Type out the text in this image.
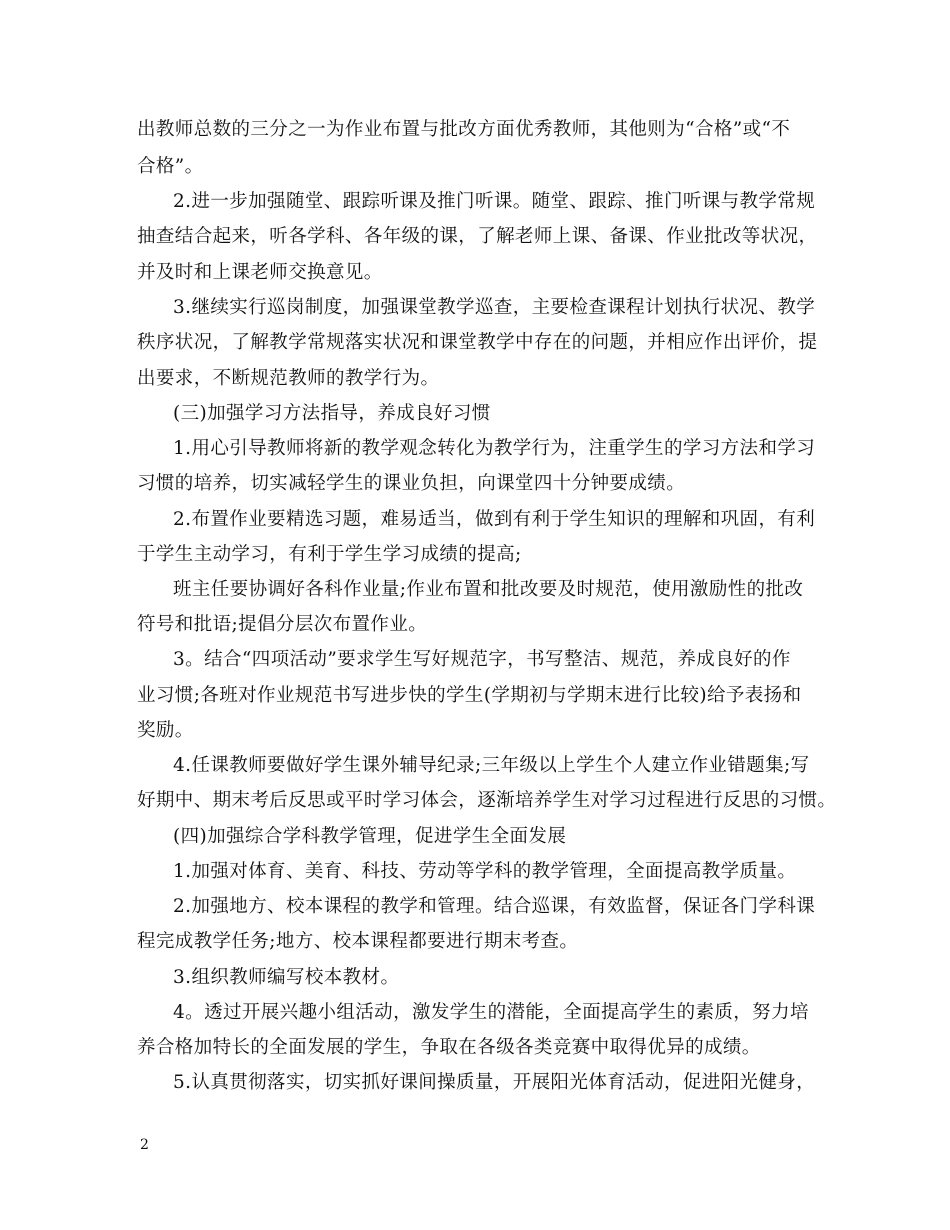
出教师总数的三分之一为作业布置与批改方面优秀教师，其他则为“合格”或“不
合格”。
2.进一步加强随堂、跟踪听课及推门听课。随堂、跟踪、推门听课与教学常规
抽查结合起来，听各学科、各年级的课，了解老师上课、备课、作业批改等状况，
并及时和上课老师交换意见。
3.继续实行巡岗制度，加强课堂教学巡查，主要检查课程计划执行状况、教学
秩序状况，了解教学常规落实状况和课堂教学中存在的问题，并相应作出评价，提
出要求，不断规范教师的教学行为。
(三)加强学习方法指导，养成良好习惯
1.用心引导教师将新的教学观念转化为教学行为，注重学生的学习方法和学习
习惯的培养，切实减轻学生的课业负担，向课堂四十分钟要成绩。
2.布置作业要精选习题，难易适当，做到有利于学生知识的理解和巩固，有利
于学生主动学习，有利于学生学习成绩的提高;
班主任要协调好各科作业量;作业布置和批改要及时规范，使用激励性的批改
符号和批语;提倡分层次布置作业。
3。结合“四项活动”要求学生写好规范字，书写整洁、规范，养成良好的作
业习惯;各班对作业规范书写进步快的学生(学期初与学期末进行比较)给予表扬和
奖励。
4.任课教师要做好学生课外辅导纪录;三年级以上学生个人建立作业错题集;写
好期中、期末考后反思或平时学习体会，逐渐培养学生对学习过程进行反思的习惯。
(四)加强综合学科教学管理，促进学生全面发展
1.加强对体育、美育、科技、劳动等学科的教学管理，全面提高教学质量。
2.加强地方、校本课程的教学和管理。结合巡课，有效监督，保证各门学科课
程完成教学任务;地方、校本课程都要进行期末考查。
3.组织教师编写校本教材。
4。透过开展兴趣小组活动，激发学生的潜能，全面提高学生的素质，努力培
养合格加特长的全面发展的学生，争取在各级各类竞赛中取得优异的成绩。
5.认真贯彻落实，切实抓好课间操质量，开展阳光体育活动，促进阳光健身，
2
